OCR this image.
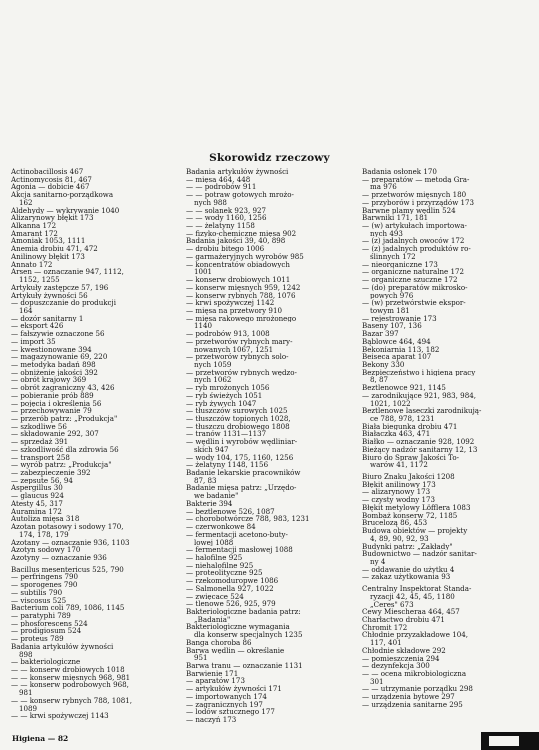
Skorowidz rzeczowy
Actinobacillosis 467
Actinomycosis 81, 467
Agonia — dobicie 467
Akcja sanitarno-porządkowa
162
Aldehydy — wykrywanie 1040
Alizarynowy błękit 173
Alkanna 172
Amarant 172
Amoniak 1053, 1111
Anemia drobiu 471, 472
Anilinowy błękit 173
Annato 172
Arsen — oznaczanie 947, 1112,
1152, 1255
Artykuły zastępcze 57, 196
Artykuły żywności 56
— dopuszczanie do produkcji
164
— dozór sanitarny 1
— eksport 426
— fałszywie oznaczone 56
— import 35
— kwestionowane 394
— magazynowanie 69, 220
— metodyka badań 898
— obniżenie jakości 392
— obrót krajowy 369
— obrót zagraniczny 43, 426
— pobieranie prób 889
— pojęcia i określenia 56
— przechowywanie 79
— przerób patrz: „Produkcja"
— szkodliwe 56
— składowanie 292, 307
— sprzedaż 391
— szkodliwość dla zdrowia 56
— transport 258
— wyrób patrz: „Produkcja"
— zabezpieczenie 392
— zepsute 56, 94
Aspergillus 30
— glaucus 924
Atesty 45, 317
Auramina 172
Autoliza mięsa 318
Azotan potasowy i sodowy 170,
174, 178, 179
Azotany — oznaczanie 936, 1103
Azotyn sodowy 170
Azotyny — oznaczanie 936
Bacillus mesentericus 525, 790
— perfringens 790
— sporogenes 790
— subtilis 790
— viscosus 525
Bacterium coli 789, 1086, 1145
— paratyphi 789
— phosforescens 524
— prodigiosum 524
— proteus 789
Badania artykułów żywności
898
— bakteriologiczne
— — konserw drobiowych 1018
— — konserw mięsnych 968, 981
— — konserw podrobowych 968,
981
— — konserw rybnych 788, 1081,
1089
— — krwi spożywczej 1143
Badania artykułów żywności
— mięsa 464, 448
— — podrobów 911
— — potraw gotowych mrożo-
nych 988
— — solanek 923, 927
— — wody 1160, 1256
— — żelatyny 1158
— fizyko-chemiczne mięsa 902
Badania jakości 39, 40, 898
— drobiu bitego 1006
— garmażeryjnych wyrobów 985
— koncentratów obiadowych
1001
— konserw drobiowych 1011
— konserw mięsnych 959, 1242
— konserw rybnych 788, 1076
— krwi spożywczej 1142
— mięsa na przetwory 910
— mięsa rakowego mrożonego
1140
— podrobów 913, 1008
— przetworów rybnych mary-
nowanych 1067, 1251
— przetworów rybnych solo-
nych 1059
— przetworów rybnych wędzo-
nych 1062
— ryb mrożonych 1056
— ryb świeżych 1051
— ryb żywych 1047
— tłuszczów surowych 1025
— tłuszczów topionych 1028,
— tłuszczu drobiowego 1808
— tranów 1131—1137
— wędlin i wyrobów wędliniar-
skich 947
— wody 104, 175, 1160, 1256
— żelatyny 1148, 1156
Badanie lekarskie pracowników
87, 83
Badanie mięsa patrz: „Urzędo-
we badanie"
Bakterie 394
— beztlenowe 526, 1087
— chorobotwórcze 788, 983, 1231
— czerwonkowe 84
— fermentacji acetono-buty-
lowej 1088
— fermentacji masłowej 1088
— halofilne 925
— niehalofilne 925
— proteolityczne 925
— rzekomoduropwe 1086
— Salmonella 927, 1022
— zwięcace 524
— tlenowe 526, 925, 979
Bakteriologiczne badania patrz:
„Badania"
Bakteriologiczne wymagania
dla konserw specjalnych 1235
Banga choroba 86
Barwa wędlin — określanie
951
Barwa tranu — oznaczanie 1131
Barwienie 171
— aparatów 173
— artykułów żywności 171
— importowanych 174
— zagranicznych 197
— lodów sztucznego 177
— naczyń 173
Badania osłonek 170
— preparatów — metodą Gra-
ma 976
— przetworów mięsnych 180
— przyborów i przyrządów 173
Barwne plamy wędlin 524
Barwniki 171, 181
— (w) artykułach importowa-
nych 493
— (z) jadalnych owoców 172
— (z) jadalnych produktów ro-
ślinnych 172
— nieorganiczne 173
— organiczne naturalne 172
— organiczne szuczne 172
— (do) preparatów mikrosko-
powych 976
— (w) przetwórstwie ekspor-
towym 181
— rejestrowanie 173
Baseny 107, 136
Bazar 397
Bąblowce 464, 494
Bekoniarnia 113, 182
Beiseca aparat 107
Bekony 330
Bezpieczeństwo i higiena pracy
8, 87
Beztlenowce 921, 1145
— zarodnikujące 921, 983, 984,
1021, 1022
Beztlenowe laseczki zarodnikują-
ce 788, 978, 1231
Biała biegunka drobiu 471
Białaczka 463, 471
Białko — oznaczanie 928, 1092
Bieżący nadzór sanitarny 12, 13
Biuro do Spraw Jakości To-
warów 41, 1172
Biuro Znaku Jakości 1208
Błękit anilinowy 173
— alizarynowy 173
— czysty wodny 173
Błękit metylowy Löfflera 1083
Bombaż konserw 72, 1185
Brucelozą 86, 453
Budowa obiektów — projekty
4, 89, 90, 92, 93
Budynki patrz: „Zakłady"
Budownictwo — nadzór sanitar-
ny 4
— oddawanie do użytku 4
— zakaz użytkowania 93
Centralny Inspektorat Standa-
ryzacji 42, 45, 45, 1180
„Ceres" 673
Cewy Miescheraa 464, 457
Charłactwo drobiu 471
Chromit 172
Chłodnie przyzakładowe 104,
117, 401
Chłodnie składowe 292
— pomieszczenia 294
— dezynfekcja 300
— — ocena mikrobiologiczna
301
— — utrzymanie porządku 298
— urządzenia bytowe 297
— urządzenia sanitarne 295
Higiena — 82
